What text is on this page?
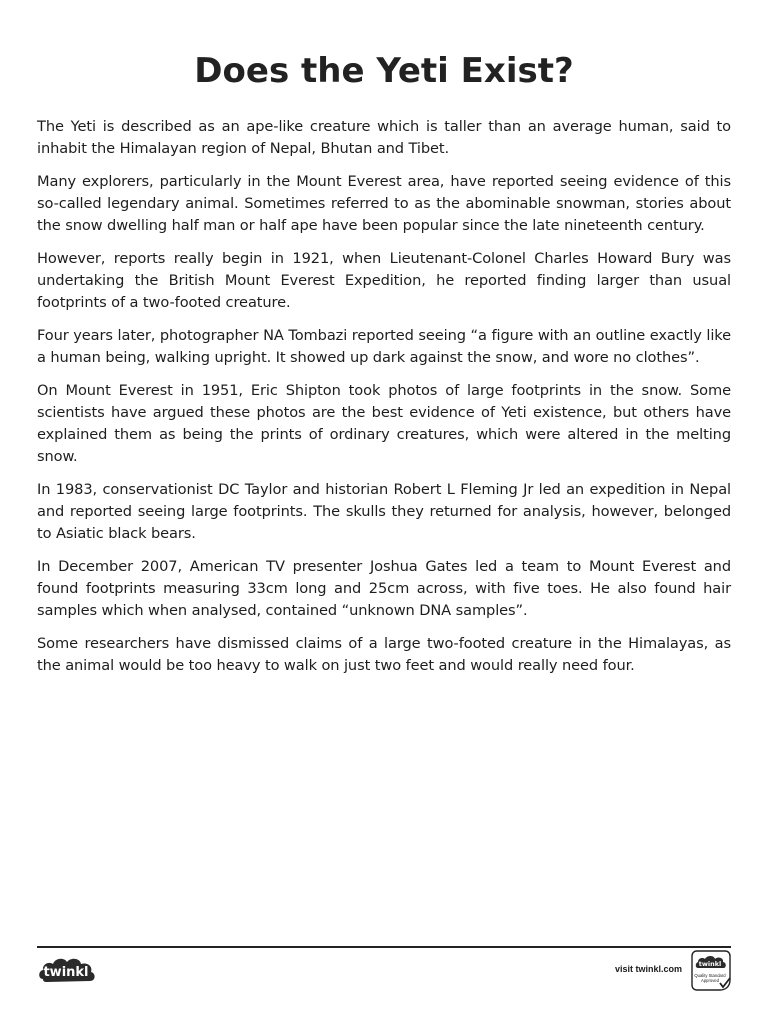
Does the Yeti Exist?

The Yeti is described as an ape-like creature which is taller than an average human, said to inhabit the Himalayan region of Nepal, Bhutan and Tibet.

Many explorers, particularly in the Mount Everest area, have reported seeing evidence of this so-called legendary animal. Sometimes referred to as the abominable snowman, stories about the snow dwelling half man or half ape have been popular since the late nineteenth century.

However, reports really begin in 1921, when Lieutenant-Colonel Charles Howard Bury was undertaking the British Mount Everest Expedition, he reported finding larger than usual footprints of a two-footed creature.

Four years later, photographer NA Tombazi reported seeing “a figure with an outline exactly like a human being, walking upright. It showed up dark against the snow, and wore no clothes”.

On Mount Everest in 1951, Eric Shipton took photos of large footprints in the snow. Some scientists have argued these photos are the best evidence of Yeti existence, but others have explained them as being the prints of ordinary creatures, which were altered in the melting snow.

In 1983, conservationist DC Taylor and historian Robert L Fleming Jr led an expedition in Nepal and reported seeing large footprints. The skulls they returned for analysis, however, belonged to Asiatic black bears.

In December 2007, American TV presenter Joshua Gates led a team to Mount Everest and found footprints measuring 33cm long and 25cm across, with five toes. He also found hair samples which when analysed, contained “unknown DNA samples”.

Some researchers have dismissed claims of a large two-footed creature in the Himalayas, as the animal would be too heavy to walk on just two feet and would really need four.

twinkl	visit twinkl.com	twinkl
Quality Standard
Approved
